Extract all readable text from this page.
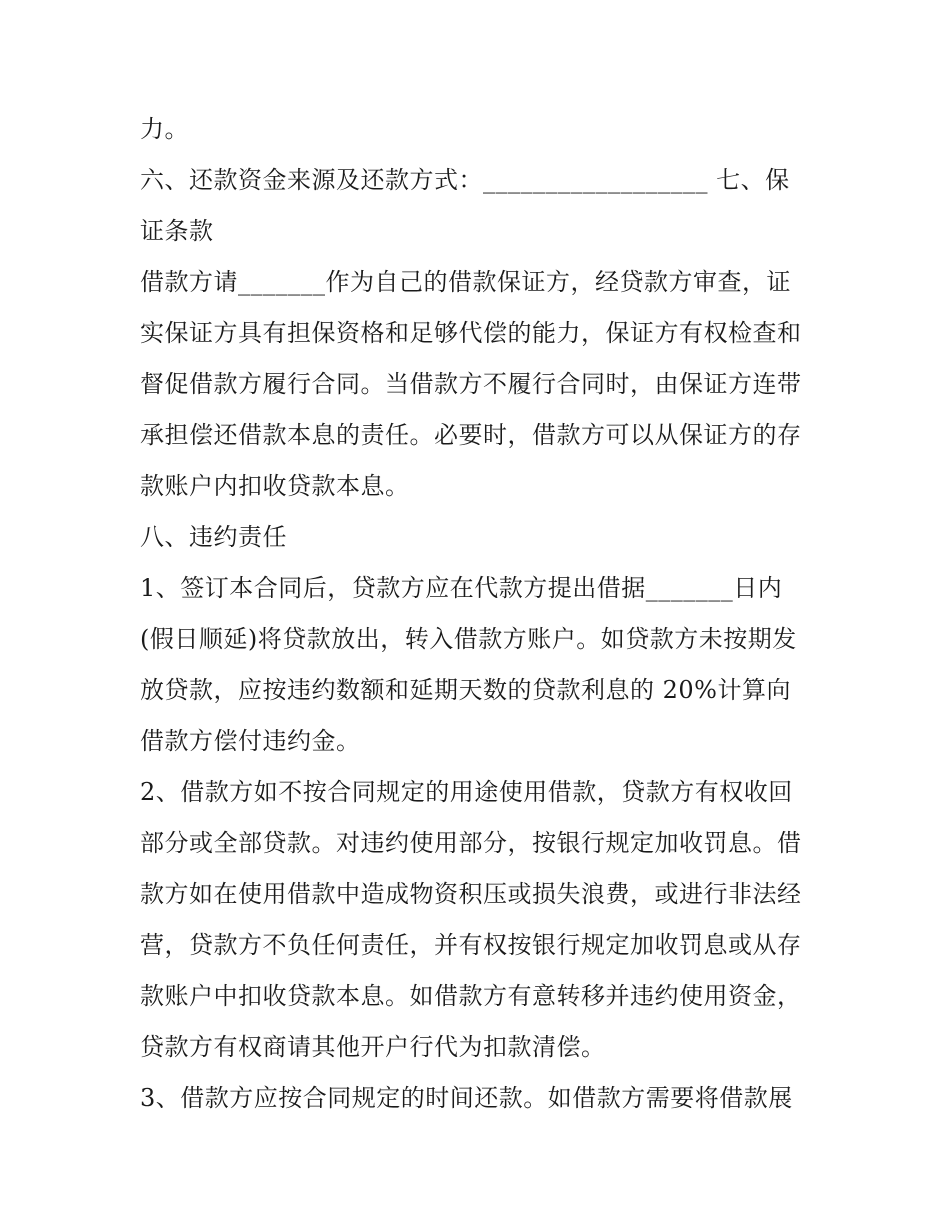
力。
六、还款资金来源及还款方式：__________________ 七、保
证条款
借款方请_______作为自己的借款保证方，经贷款方审查，证
实保证方具有担保资格和足够代偿的能力，保证方有权检查和
督促借款方履行合同。当借款方不履行合同时，由保证方连带
承担偿还借款本息的责任。必要时，借款方可以从保证方的存
款账户内扣收贷款本息。
八、违约责任
1、签订本合同后，贷款方应在代款方提出借据_______日内
(假日顺延)将贷款放出，转入借款方账户。如贷款方未按期发
放贷款，应按违约数额和延期天数的贷款利息的 20%计算向
借款方偿付违约金。
2、借款方如不按合同规定的用途使用借款，贷款方有权收回
部分或全部贷款。对违约使用部分，按银行规定加收罚息。借
款方如在使用借款中造成物资积压或损失浪费，或进行非法经
营，贷款方不负任何责任，并有权按银行规定加收罚息或从存
款账户中扣收贷款本息。如借款方有意转移并违约使用资金，
贷款方有权商请其他开户行代为扣款清偿。
3、借款方应按合同规定的时间还款。如借款方需要将借款展
